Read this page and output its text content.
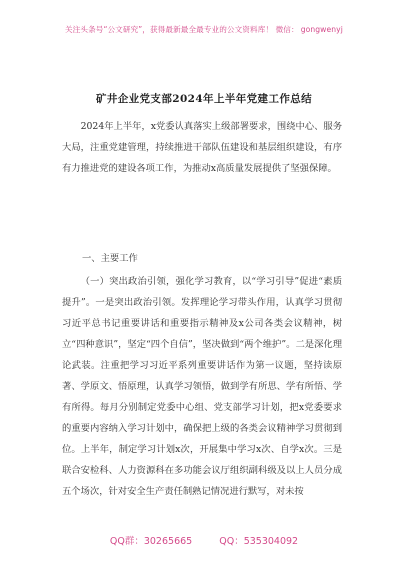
关注头条号“公文研究”，获得最新最全最专业的公文资料库！ 微信： gongwenyj
矿井企业党支部2024年上半年党建工作总结

2024年上半年，x党委认真落实上级部署要求，围绕中心、服务大局，注重党建管理，持续推进干部队伍建设和基层组织建设，有序有力推进党的建设各项工作，为推动x高质量发展提供了坚强保障。

一、主要工作

（一）突出政治引领，强化学习教育，以“学习引导”促进“素质提升”。一是突出政治引领。发挥理论学习带头作用，认真学习贯彻习近平总书记重要讲话和重要指示精神及x公司各类会议精神，树立“四种意识”，坚定“四个自信”，坚决做到“两个维护”。二是深化理论武装。注重把学习习近平系列重要讲话作为第一议题，坚持读原著、学原文、悟原理，认真学习领悟，做到学有所思、学有所悟、学有所得。每月分别制定党委中心组、党支部学习计划，把x党委要求的重要内容纳入学习计划中，确保把上级的各类会议精神学习贯彻到位。上半年，制定学习计划x次，开展集中学习x次、自学x次。三是联合安检科、人力资源科在多功能会议厅组织副科级及以上人员分成五个场次，针对安全生产责任制熟记情况进行默写，对未按

QQ群：30265665	QQ：535304092
